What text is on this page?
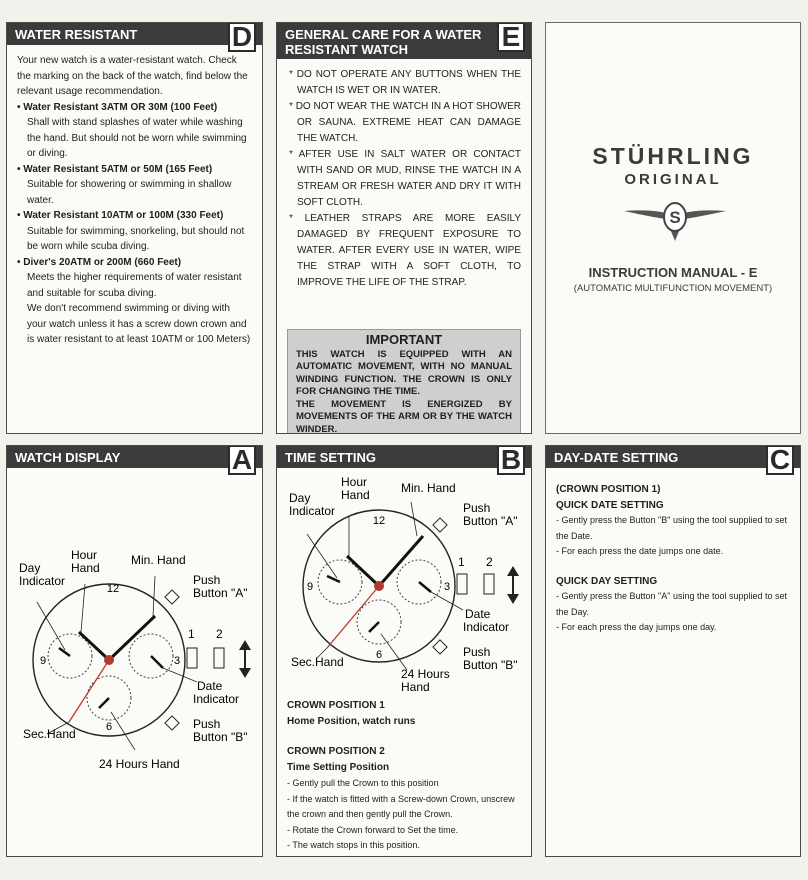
WATER RESISTANT	D

Your new watch is a water-resistant watch. Check the marking on the back of the watch, find below the relevant usage recommendation.

• Water Resistant 3ATM OR 30M (100 Feet)

Shall with stand splashes of water while washing the hand. But should not be worn while swimming or diving.

• Water Resistant 5ATM or 50M (165 Feet)

Suitable for showering or swimming in shallow water.

• Water Resistant 10ATM or 100M (330 Feet)

Suitable for swimming, snorkeling, but should not be worn while scuba diving.

• Diver's 20ATM or 200M (660 Feet)

Meets the higher requirements of water resistant and suitable for scuba diving.

We don't recommend swimming or diving with your watch unless it has a screw down crown and is water resistant to at least 10ATM or 100 Meters)

GENERAL CARE FOR A WATER RESISTANT WATCH	E

* DO NOT OPERATE ANY BUTTONS WHEN THE WATCH IS WET OR IN WATER.

* DO NOT WEAR THE WATCH IN A HOT SHOWER OR SAUNA. EXTREME HEAT CAN DAMAGE THE WATCH.

* AFTER USE IN SALT WATER OR CONTACT WITH SAND OR MUD, RINSE THE WATCH IN A STREAM OR FRESH WATER AND DRY IT WITH SOFT CLOTH.

* LEATHER STRAPS ARE MORE EASILY DAMAGED BY FREQUENT EXPOSURE TO WATER. AFTER EVERY USE IN WATER, WIPE THE STRAP WITH A SOFT CLOTH, TO IMPROVE THE LIFE OF THE STRAP.

IMPORTANT
THIS WATCH IS EQUIPPED WITH AN AUTOMATIC MOVEMENT, WITH NO MANUAL WINDING FUNCTION. THE CROWN IS ONLY FOR CHANGING THE TIME.
THE MOVEMENT IS ENERGIZED BY MOVEMENTS OF THE ARM OR BY THE WATCH WINDER.
STÜHRLING
ORIGINAL
S
INSTRUCTION MANUAL - E
(AUTOMATIC MULTIFUNCTION MOVEMENT)
WATCH DISPLAY	A
12
9	3
6
Day
Indicator
Hour
Hand
Min. Hand
Push
Button "A"
1 2
Date
Indicator
Push
Button "B"
Sec.Hand
24 Hours Hand
TIME SETTING	B
12
9	3
6
Day
Indicator
Hour
Hand	Min. Hand
Push
Button "A"
1 2
Date
Indicator
Push
Button "B"
Sec.Hand
24 Hours
Hand

CROWN POSITION 1

Home Position, watch runs

CROWN POSITION 2

Time Setting Position

- Gently pull the Crown to this position

- If the watch is fitted with a Screw-down Crown, unscrew the crown and then gently pull the Crown.

- Rotate the Crown forward to Set the time.

- The watch stops in this position.

DAY-DATE SETTING	C

(CROWN POSITION 1)

QUICK DATE SETTING

- Gently press the Button "B" using the tool supplied to set the Date.

- For each press the date jumps one date.

QUICK DAY SETTING

- Gently press the Button "A" using the tool supplied to set the Day.

- For each press the day jumps one day.
